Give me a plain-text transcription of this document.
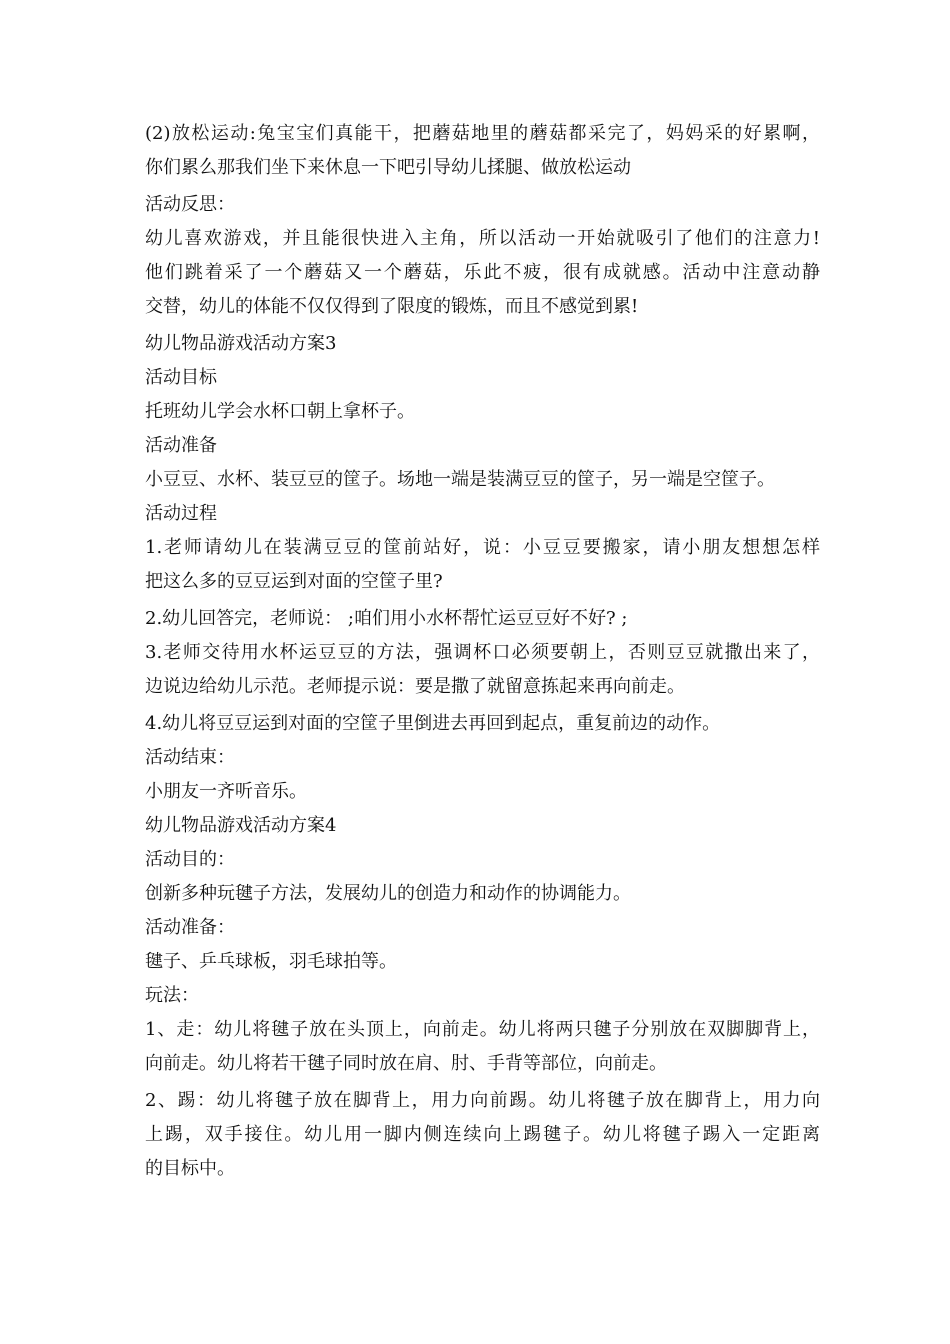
(2)放松运动:兔宝宝们真能干，把蘑菇地里的蘑菇都采完了，妈妈采的好累啊，
你们累么那我们坐下来休息一下吧引导幼儿揉腿、做放松运动
活动反思：
幼儿喜欢游戏，并且能很快进入主角，所以活动一开始就吸引了他们的注意力!
他们跳着采了一个蘑菇又一个蘑菇，乐此不疲，很有成就感。活动中注意动静
交替，幼儿的体能不仅仅得到了限度的锻炼，而且不感觉到累!
幼儿物品游戏活动方案3
活动目标
托班幼儿学会水杯口朝上拿杯子。
活动准备
小豆豆、水杯、装豆豆的筐子。场地一端是装满豆豆的筐子，另一端是空筐子。
活动过程
1.老师请幼儿在装满豆豆的筐前站好，说：小豆豆要搬家，请小朋友想想怎样
把这么多的豆豆运到对面的空筐子里?
2.幼儿回答完，老师说： ;咱们用小水杯帮忙运豆豆好不好? ;
3.老师交待用水杯运豆豆的方法，强调杯口必须要朝上，否则豆豆就撒出来了，
边说边给幼儿示范。老师提示说：要是撒了就留意拣起来再向前走。
4.幼儿将豆豆运到对面的空筐子里倒进去再回到起点，重复前边的动作。
活动结束：
小朋友一齐听音乐。
幼儿物品游戏活动方案4
活动目的：
创新多种玩毽子方法，发展幼儿的创造力和动作的协调能力。
活动准备：
毽子、乒乓球板，羽毛球拍等。
玩法：
1、走：幼儿将毽子放在头顶上，向前走。幼儿将两只毽子分别放在双脚脚背上，
向前走。幼儿将若干毽子同时放在肩、肘、手背等部位，向前走。
2、踢：幼儿将毽子放在脚背上，用力向前踢。幼儿将毽子放在脚背上，用力向
上踢，双手接住。幼儿用一脚内侧连续向上踢毽子。幼儿将毽子踢入一定距离
的目标中。
